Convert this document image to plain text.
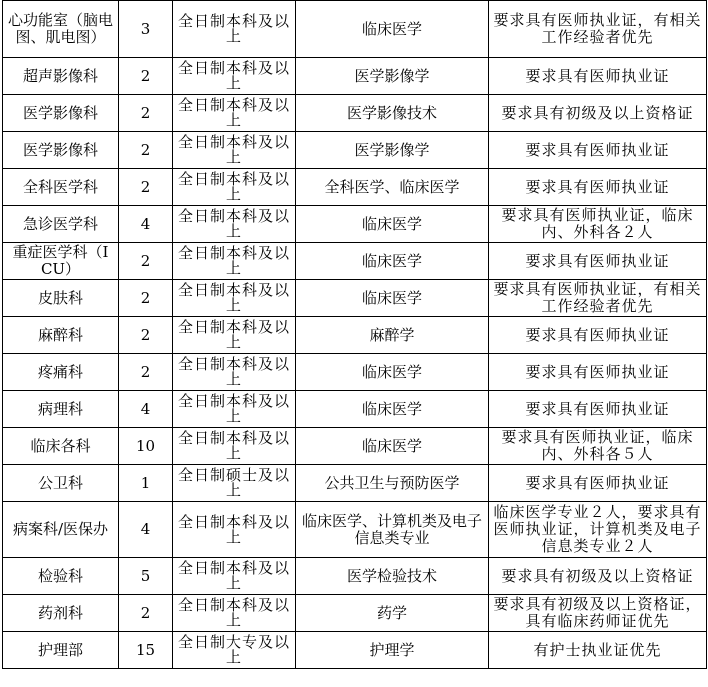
心功能室（脑电图、肌电图）	3	全日制本科及以上	临床医学	要求具有医师执业证，有相关工作经验者优先
超声影像科	2	全日制本科及以上	医学影像学	要求具有医师执业证
医学影像科	2	全日制本科及以上	医学影像技术	要求具有初级及以上资格证
医学影像科	2	全日制本科及以上	医学影像学	要求具有医师执业证
全科医学科	2	全日制本科及以上	全科医学、临床医学	要求具有医师执业证
急诊医学科	4	全日制本科及以上	临床医学	要求具有医师执业证，临床内、外科各２人
重症医学科（ICU）	2	全日制本科及以上	临床医学	要求具有医师执业证
皮肤科	2	全日制本科及以上	临床医学	要求具有医师执业证，有相关工作经验者优先
麻醉科	2	全日制本科及以上	麻醉学	要求具有医师执业证
疼痛科	2	全日制本科及以上	临床医学	要求具有医师执业证
病理科	4	全日制本科及以上	临床医学	要求具有医师执业证
临床各科	10	全日制本科及以上	临床医学	要求具有医师执业证，临床内、外科各５人
公卫科	1	全日制硕士及以上	公共卫生与预防医学	要求具有医师执业证
病案科/医保办	4	全日制本科及以上	临床医学、计算机类及电子信息类专业	临床医学专业２人，要求具有医师执业证，计算机类及电子信息类专业２人
检验科	5	全日制本科及以上	医学检验技术	要求具有初级及以上资格证
药剂科	2	全日制本科及以上	药学	要求具有初级及以上资格证，具有临床药师证优先
护理部	15	全日制大专及以上	护理学	有护士执业证优先
